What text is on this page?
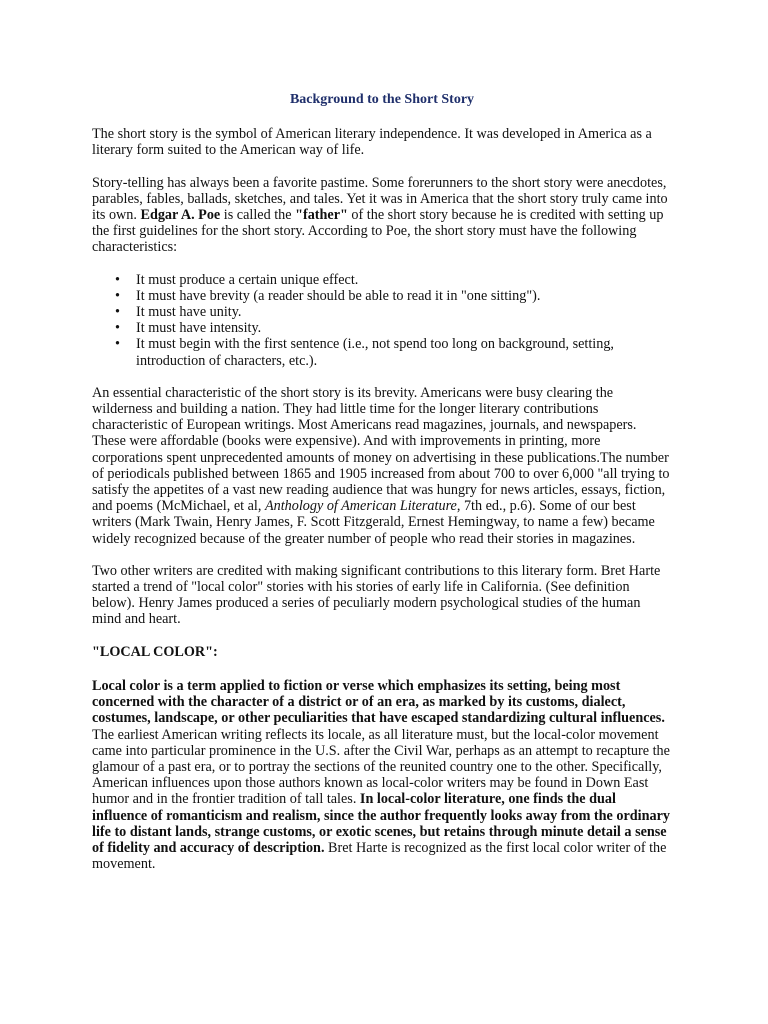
Background to the Short Story

The short story is the symbol of American literary independence. It was developed in America as a literary form suited to the American way of life.

Story-telling has always been a favorite pastime. Some forerunners to the short story were anecdotes, parables, fables, ballads, sketches, and tales. Yet it was in America that the short story truly came into its own. Edgar A. Poe is called the "father" of the short story because he is credited with setting up the first guidelines for the short story. According to Poe, the short story must have the following characteristics:

• It must produce a certain unique effect.
• It must have brevity (a reader should be able to read it in "one sitting").
• It must have unity.
• It must have intensity.
• It must begin with the first sentence (i.e., not spend too long on background, setting, introduction of characters, etc.).

An essential characteristic of the short story is its brevity. Americans were busy clearing the wilderness and building a nation. They had little time for the longer literary contributions characteristic of European writings. Most Americans read magazines, journals, and newspapers. These were affordable (books were expensive). And with improvements in printing, more corporations spent unprecedented amounts of money on advertising in these publications.The number of periodicals published between 1865 and 1905 increased from about 700 to over 6,000 "all trying to satisfy the appetites of a vast new reading audience that was hungry for news articles, essays, fiction, and poems (McMichael, et al, Anthology of American Literature, 7th ed., p.6). Some of our best writers (Mark Twain, Henry James, F. Scott Fitzgerald, Ernest Hemingway, to name a few) became widely recognized because of the greater number of people who read their stories in magazines.

Two other writers are credited with making significant contributions to this literary form. Bret Harte started a trend of "local color" stories with his stories of early life in California. (See definition below). Henry James produced a series of peculiarly modern psychological studies of the human mind and heart.

"LOCAL COLOR":

Local color is a term applied to fiction or verse which emphasizes its setting, being most concerned with the character of a district or of an era, as marked by its customs, dialect, costumes, landscape, or other peculiarities that have escaped standardizing cultural influences. The earliest American writing reflects its locale, as all literature must, but the local-color movement came into particular prominence in the U.S. after the Civil War, perhaps as an attempt to recapture the glamour of a past era, or to portray the sections of the reunited country one to the other. Specifically, American influences upon those authors known as local-color writers may be found in Down East humor and in the frontier tradition of tall tales. In local-color literature, one finds the dual influence of romanticism and realism, since the author frequently looks away from the ordinary life to distant lands, strange customs, or exotic scenes, but retains through minute detail a sense of fidelity and accuracy of description. Bret Harte is recognized as the first local color writer of the movement.
